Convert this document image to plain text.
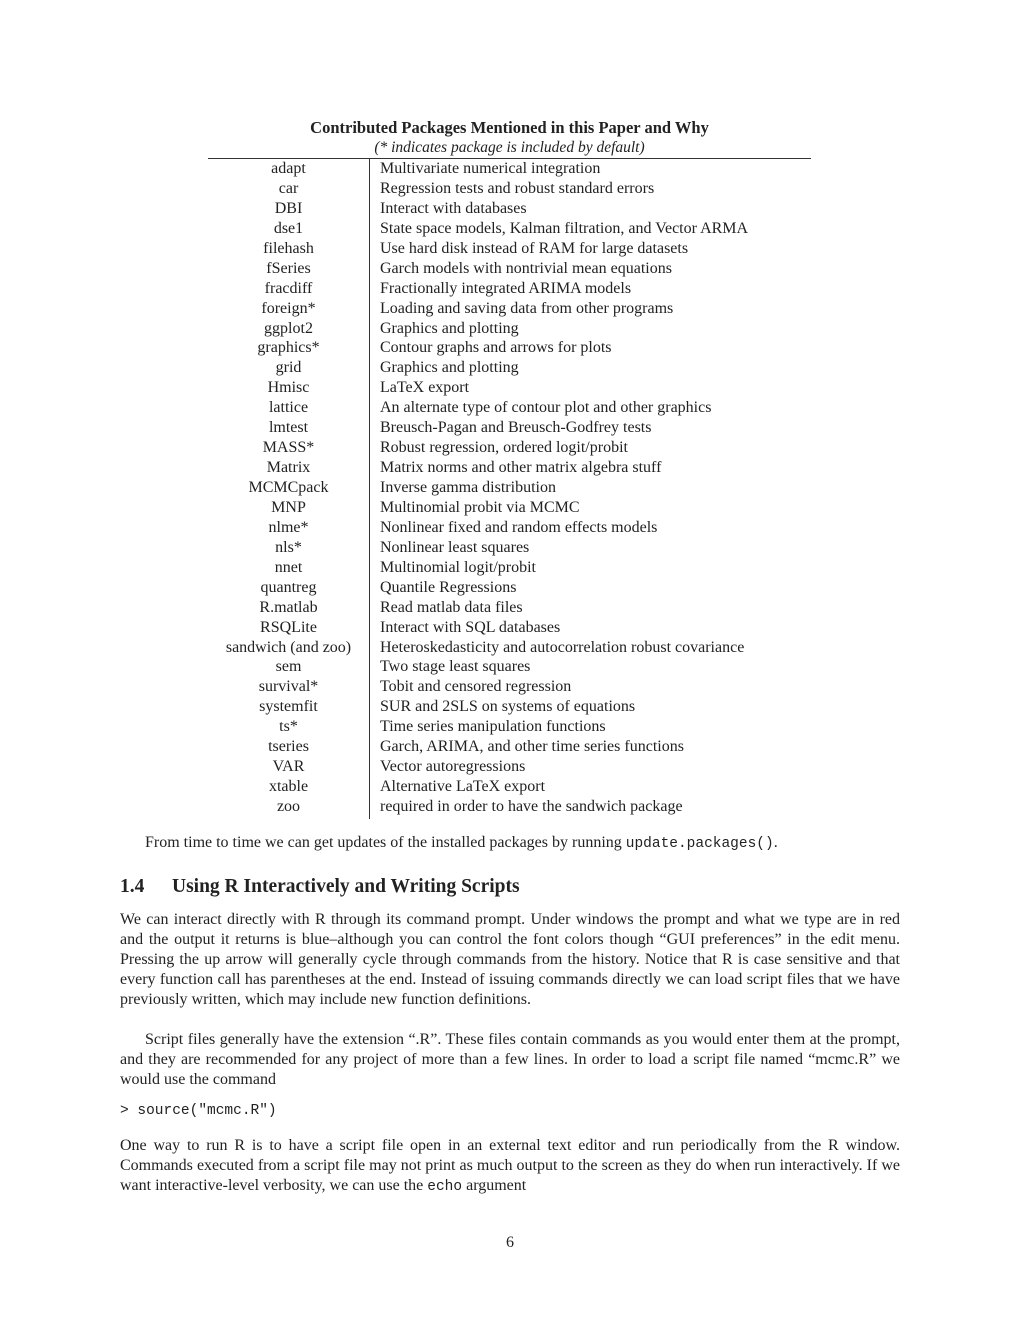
Contributed Packages Mentioned in this Paper and Why
(* indicates package is included by default)
adapt	Multivariate numerical integration
car	Regression tests and robust standard errors
DBI	Interact with databases
dse1	State space models, Kalman filtration, and Vector ARMA
filehash	Use hard disk instead of RAM for large datasets
fSeries	Garch models with nontrivial mean equations
fracdiff	Fractionally integrated ARIMA models
foreign*	Loading and saving data from other programs
ggplot2	Graphics and plotting
graphics*	Contour graphs and arrows for plots
grid	Graphics and plotting
Hmisc	LaTeX export
lattice	An alternate type of contour plot and other graphics
lmtest	Breusch-Pagan and Breusch-Godfrey tests
MASS*	Robust regression, ordered logit/probit
Matrix	Matrix norms and other matrix algebra stuff
MCMCpack	Inverse gamma distribution
MNP	Multinomial probit via MCMC
nlme*	Nonlinear fixed and random effects models
nls*	Nonlinear least squares
nnet	Multinomial logit/probit
quantreg	Quantile Regressions
R.matlab	Read matlab data files
RSQLite	Interact with SQL databases
sandwich (and zoo)	Heteroskedasticity and autocorrelation robust covariance
sem	Two stage least squares
survival*	Tobit and censored regression
systemfit	SUR and 2SLS on systems of equations
ts*	Time series manipulation functions
tseries	Garch, ARIMA, and other time series functions
VAR	Vector autoregressions
xtable	Alternative LaTeX export
zoo	required in order to have the sandwich package
From time to time we can get updates of the installed packages by running update.packages().
1.4 Using R Interactively and Writing Scripts
We can interact directly with R through its command prompt. Under windows the prompt and what we type are in red and the output it returns is blue–although you can control the font colors though “GUI preferences” in the edit menu. Pressing the up arrow will generally cycle through commands from the history. Notice that R is case sensitive and that every function call has parentheses at the end. Instead of issuing commands directly we can load script files that we have previously written, which may include new function definitions.
Script files generally have the extension “.R”. These files contain commands as you would enter them at the prompt, and they are recommended for any project of more than a few lines. In order to load a script file named “mcmc.R” we would use the command
> source("mcmc.R")
One way to run R is to have a script file open in an external text editor and run periodically from the R window. Commands executed from a script file may not print as much output to the screen as they do when run interactively. If we want interactive-level verbosity, we can use the echo argument
6
